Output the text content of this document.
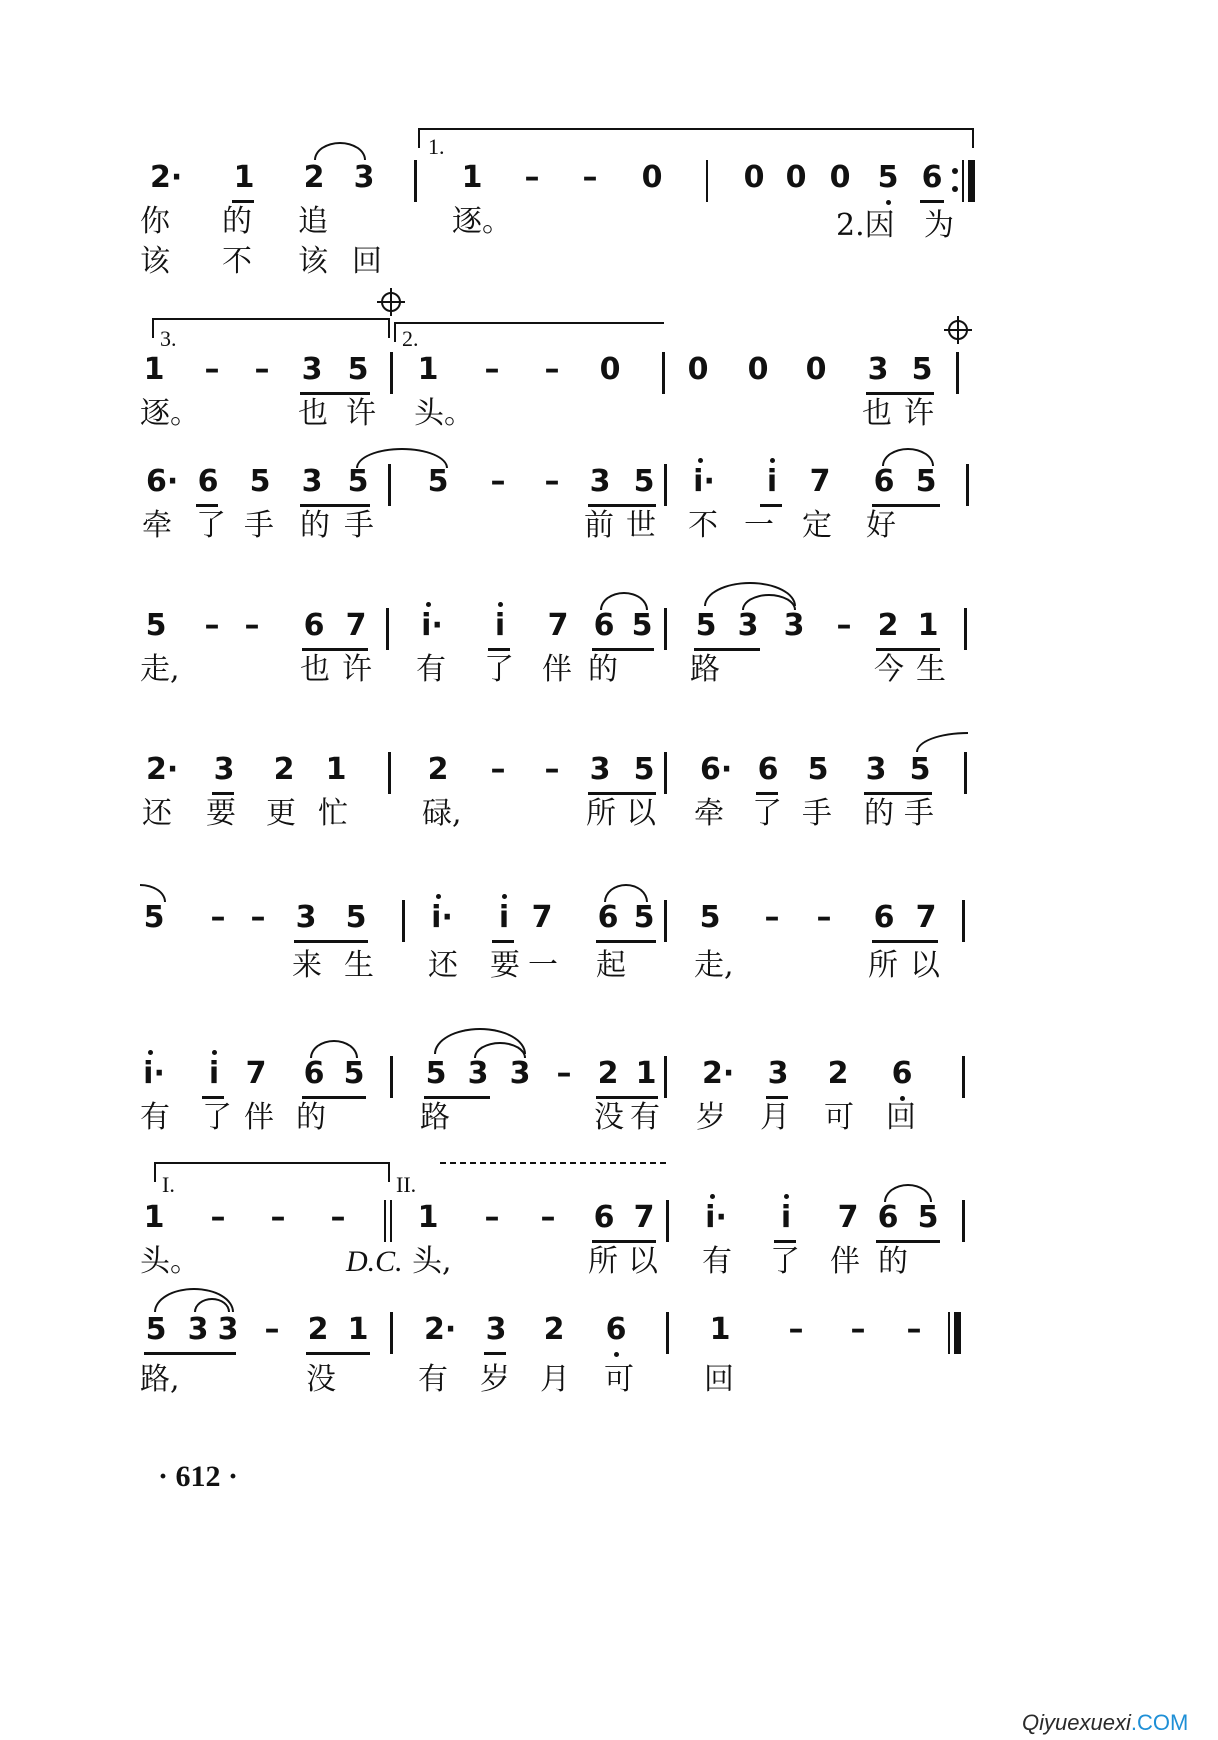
1.
2· 1 2 3	1 – – 0	0 0 0 5 6
你 的 追	逐。	2.因 为
该 不 该 回
3.	2.
1 – – 3 5 1 – – 0 0 0 0 3 5
逐。	也 许 头。	也 许
6· 6 5 3 5 5 – – 3 5 i· i 7 6 5
牵 了 手 的 手	前 世 不 一 定 好
5 – – 6 7 i· i 7 6 5 5 3 3 – 2 1
走,	也 许 有 了 伴 的 路	今 生
2· 3 2 1	2 – – 3 5 6· 6 5 3 5
还 要 更 忙 碌,	所 以 牵 了 手 的 手
5 – – 3 5 i· i 7 6 5 5 – – 6 7
来 生 还 要 一 起 走,	所 以
i· i 7 6 5 5 3 3 – 2 1 2· 3 2 6
有 了 伴 的	路	没 有 岁 月 可 回
I.	II.
1 – – – 1 – – 6 7 i· i 7 6 5
头。	D.C. 头,	所 以 有 了 伴 的
5 3 3 – 2 1 2· 3 2 6	1 – – –
路,	没	有 岁 月 可 回
· 612 ·
Qiyuexuexi.COM
